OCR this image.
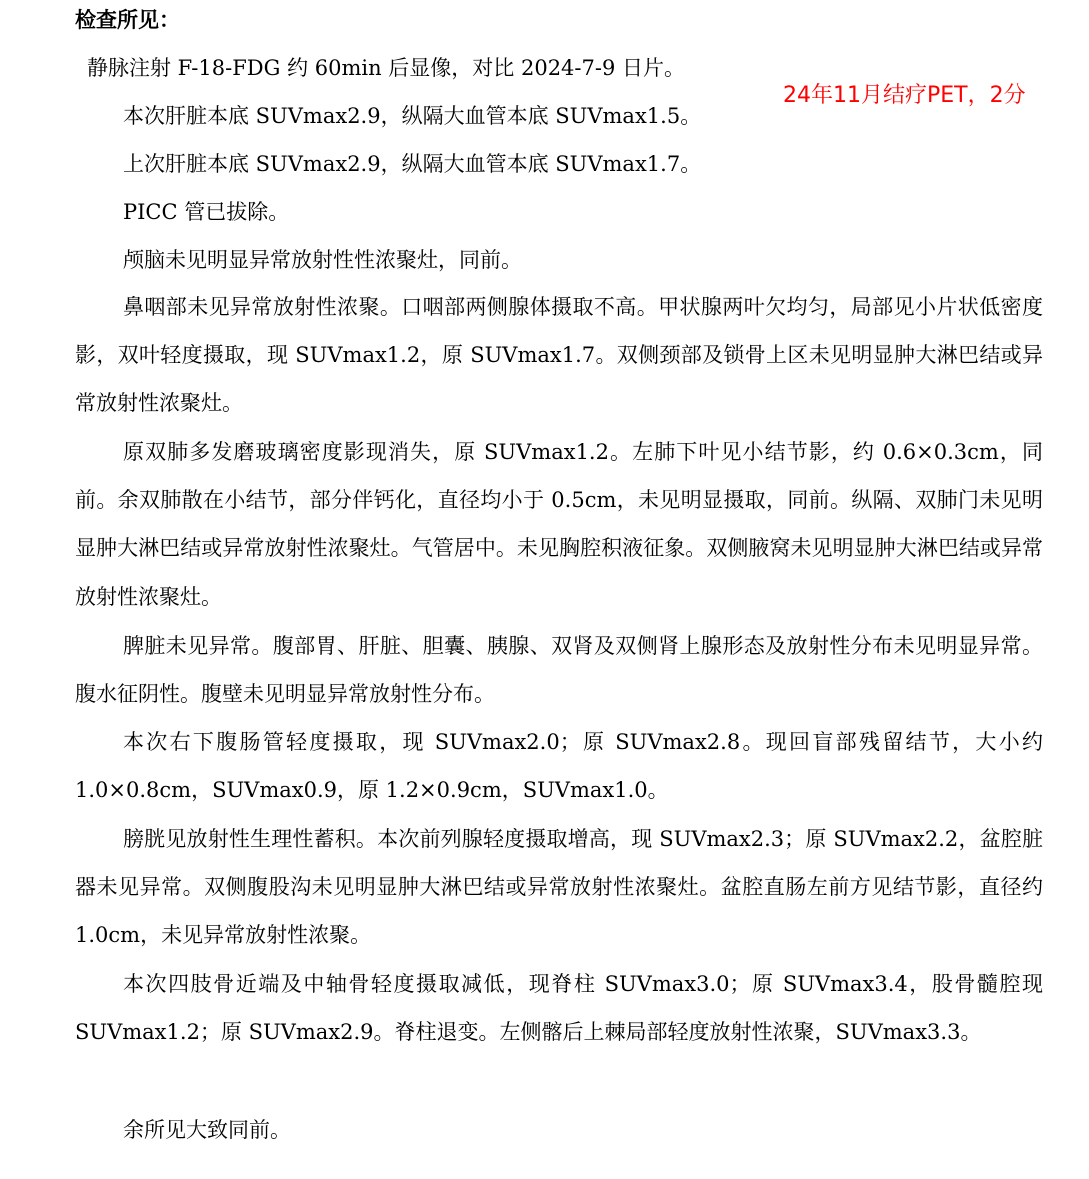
检查所见：
24年11月结疗PET，2分

静脉注射 F-18-FDG 约 60min 后显像，对比 2024-7-9 日片。

本次肝脏本底 SUVmax2.9，纵隔大血管本底 SUVmax1.5。

上次肝脏本底 SUVmax2.9，纵隔大血管本底 SUVmax1.7。

PICC 管已拔除。

颅脑未见明显异常放射性性浓聚灶，同前。

鼻咽部未见异常放射性浓聚。口咽部两侧腺体摄取不高。甲状腺两叶欠均匀，局部见小片状低密度影，双叶轻度摄取，现 SUVmax1.2，原 SUVmax1.7。双侧颈部及锁骨上区未见明显肿大淋巴结或异常放射性浓聚灶。

原双肺多发磨玻璃密度影现消失，原 SUVmax1.2。左肺下叶见小结节影，约 0.6×0.3cm，同前。余双肺散在小结节，部分伴钙化，直径均小于 0.5cm，未见明显摄取，同前。纵隔、双肺门未见明显肿大淋巴结或异常放射性浓聚灶。气管居中。未见胸腔积液征象。双侧腋窝未见明显肿大淋巴结或异常放射性浓聚灶。

脾脏未见异常。腹部胃、肝脏、胆囊、胰腺、双肾及双侧肾上腺形态及放射性分布未见明显异常。腹水征阴性。腹壁未见明显异常放射性分布。

本次右下腹肠管轻度摄取，现 SUVmax2.0；原 SUVmax2.8。现回盲部残留结节，大小约 1.0×0.8cm，SUVmax0.9，原 1.2×0.9cm，SUVmax1.0。

膀胱见放射性生理性蓄积。本次前列腺轻度摄取增高，现 SUVmax2.3；原 SUVmax2.2，盆腔脏器未见异常。双侧腹股沟未见明显肿大淋巴结或异常放射性浓聚灶。盆腔直肠左前方见结节影，直径约 1.0cm，未见异常放射性浓聚。

本次四肢骨近端及中轴骨轻度摄取减低，现脊柱 SUVmax3.0；原 SUVmax3.4，股骨髓腔现 SUVmax1.2；原 SUVmax2.9。脊柱退变。左侧髂后上棘局部轻度放射性浓聚，SUVmax3.3。

余所见大致同前。
